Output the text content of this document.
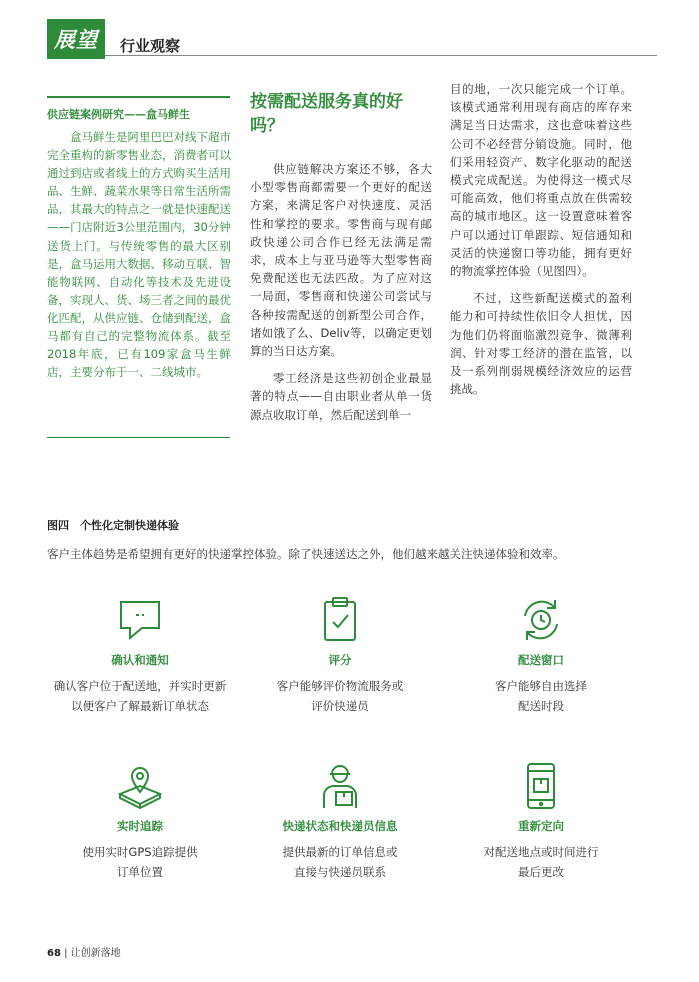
展望 行业观察
供应链案例研究——盒马鲜生
盒马鲜生是阿里巴巴对线下超市完全重构的新零售业态，消费者可以通过到店或者线上的方式购买生活用品、生鲜、蔬菜水果等日常生活所需品，其最大的特点之一就是快速配送——门店附近3公里范围内，30分钟送货上门。与传统零售的最大区别是，盒马运用大数据、移动互联、智能物联网、自动化等技术及先进设备，实现人、货、场三者之间的最优化匹配，从供应链、仓储到配送，盒马都有自己的完整物流体系。截至2018年底，已有109家盒马生鲜店，主要分布于一、二线城市。
按需配送服务真的好吗？

供应链解决方案还不够，各大小型零售商都需要一个更好的配送方案，来满足客户对快速度、灵活性和掌控的要求。零售商与现有邮政快递公司合作已经无法满足需求，成本上与亚马逊等大型零售商免费配送也无法匹敌。为了应对这一局面，零售商和快递公司尝试与各种按需配送的创新型公司合作，诸如饿了么、Deliv等，以确定更划算的当日达方案。

零工经济是这些初创企业最显著的特点——自由职业者从单一货源点收取订单，然后配送到单一

目的地，一次只能完成一个订单。该模式通常利用现有商店的库存来满足当日达需求，这也意味着这些公司不必经营分销设施。同时，他们采用轻资产、数字化驱动的配送模式完成配送。为使得这一模式尽可能高效，他们将重点放在供需较高的城市地区。这一设置意味着客户可以通过订单跟踪、短信通知和灵活的快递窗口等功能，拥有更好的物流掌控体验（见图四）。

不过，这些新配送模式的盈利能力和可持续性依旧令人担忧，因为他们仍将面临激烈竞争、微薄利润、针对零工经济的潜在监管，以及一系列削弱规模经济效应的运营挑战。

图四　个性化定制快递体验
客户主体趋势是希望拥有更好的快递掌控体验。除了快速送达之外，他们越来越关注快递体验和效率。
确认和通知
确认客户位于配送地，并实时更新
以便客户了解最新订单状态
评分
客户能够评价物流服务或
评价快递员
配送窗口
客户能够自由选择
配送时段
实时追踪
使用实时GPS追踪提供
订单位置
快递状态和快递员信息
提供最新的订单信息或
直接与快递员联系
重新定向
对配送地点或时间进行
最后更改
68 | 让创新落地
